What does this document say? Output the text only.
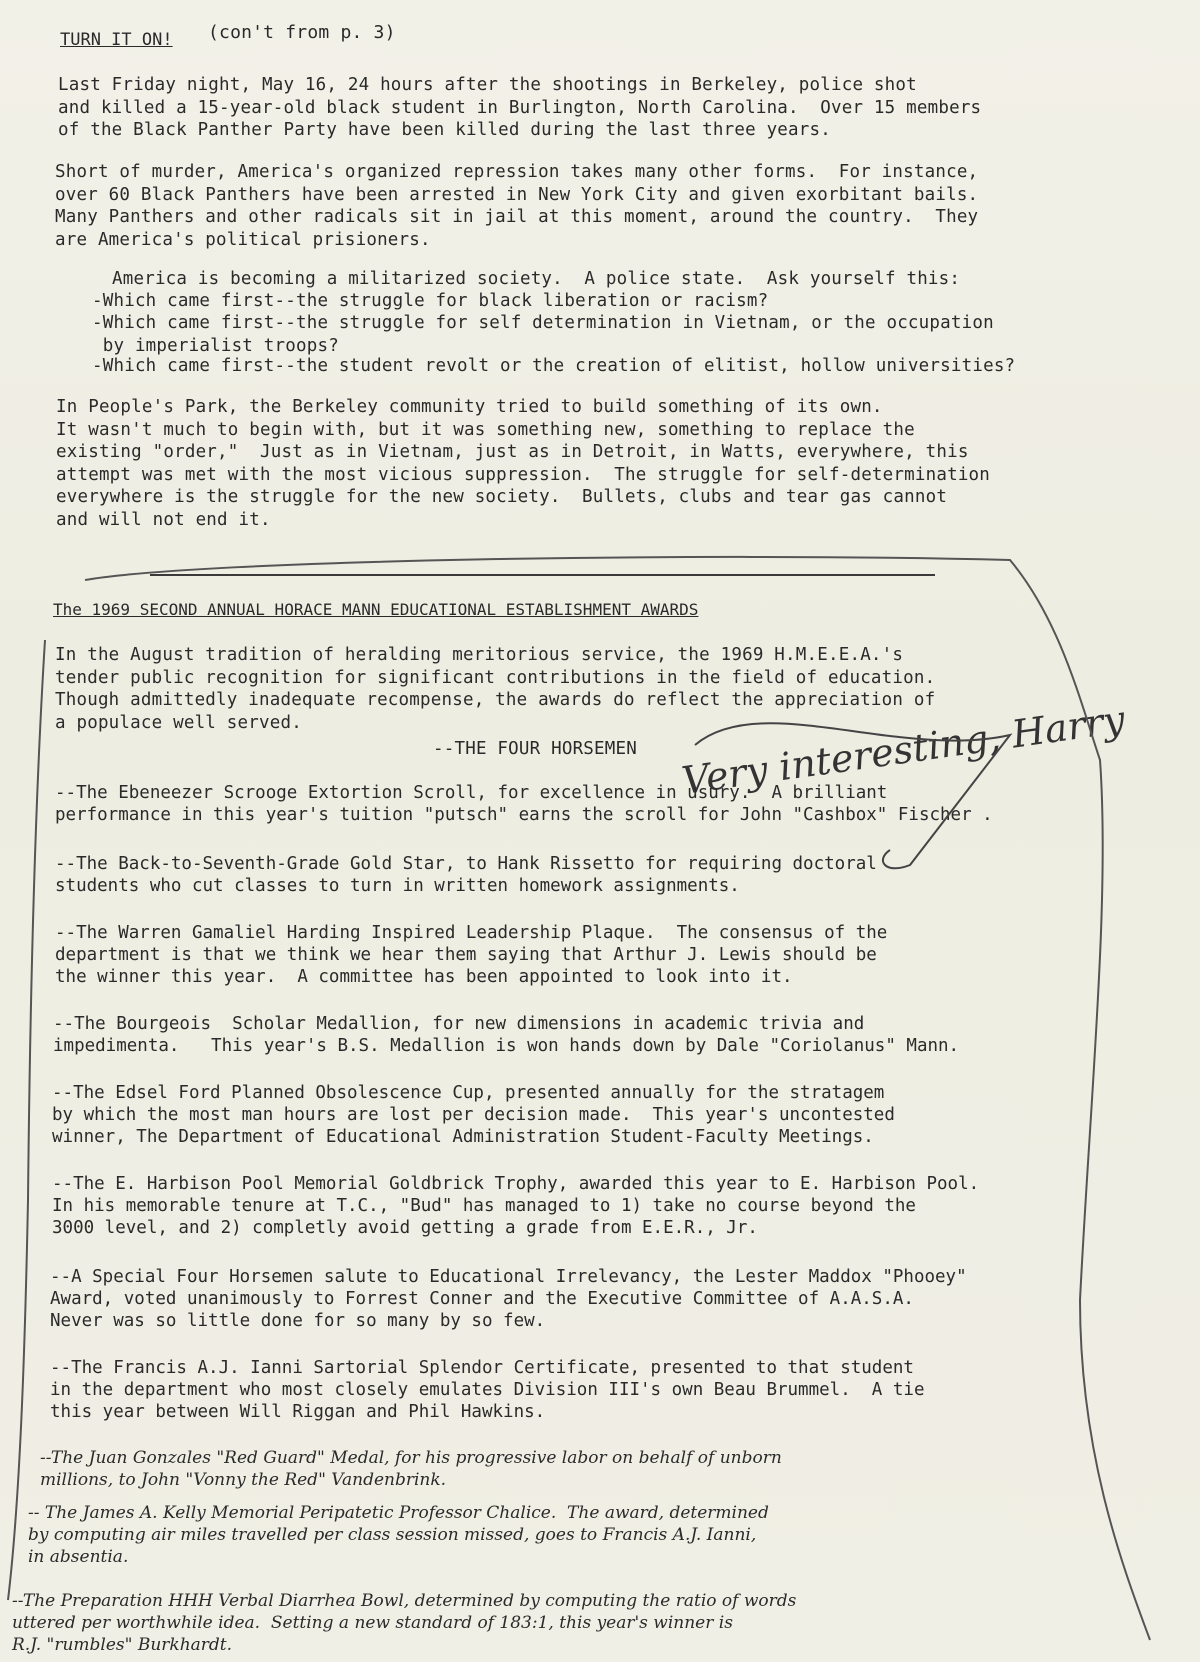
TURN IT ON! (con't from p. 3)
Last Friday night, May 16, 24 hours after the shootings in Berkeley, police shot
and killed a 15-year-old black student in Burlington, North Carolina.  Over 15 members
of the Black Panther Party have been killed during the last three years.
Short of murder, America's organized repression takes many other forms.  For instance,
over 60 Black Panthers have been arrested in New York City and given exorbitant bails.
Many Panthers and other radicals sit in jail at this moment, around the country.  They
are America's political prisioners.
America is becoming a militarized society.  A police state.  Ask yourself this:
-Which came first--the struggle for black liberation or racism?
-Which came first--the struggle for self determination in Vietnam, or the occupation
by imperialist troops?
-Which came first--the student revolt or the creation of elitist, hollow universities?
In People's Park, the Berkeley community tried to build something of its own.
It wasn't much to begin with, but it was something new, something to replace the
existing "order,"  Just as in Vietnam, just as in Detroit, in Watts, everywhere, this
attempt was met with the most vicious suppression.  The struggle for self-determination
everywhere is the struggle for the new society.  Bullets, clubs and tear gas cannot
and will not end it.
The 1969 SECOND ANNUAL HORACE MANN EDUCATIONAL ESTABLISHMENT AWARDS
In the August tradition of heralding meritorious service, the 1969 H.M.E.E.A.'s
tender public recognition for significant contributions in the field of education.
Though admittedly inadequate recompense, the awards do reflect the appreciation of
a populace well served.
--THE FOUR HORSEMEN Very interesting, Harry
--The Ebeneezer Scrooge Extortion Scroll, for excellence in usury.  A brilliant
performance in this year's tuition "putsch" earns the scroll for John "Cashbox" Fischer .
--The Back-to-Seventh-Grade Gold Star, to Hank Rissetto for requiring doctoral
students who cut classes to turn in written homework assignments.
--The Warren Gamaliel Harding Inspired Leadership Plaque.  The consensus of the
department is that we think we hear them saying that Arthur J. Lewis should be
the winner this year.  A committee has been appointed to look into it.
--The Bourgeois  Scholar Medallion, for new dimensions in academic trivia and
impedimenta.   This year's B.S. Medallion is won hands down by Dale "Coriolanus" Mann.
--The Edsel Ford Planned Obsolescence Cup, presented annually for the stratagem
by which the most man hours are lost per decision made.  This year's uncontested
winner, The Department of Educational Administration Student-Faculty Meetings.
--The E. Harbison Pool Memorial Goldbrick Trophy, awarded this year to E. Harbison Pool.
In his memorable tenure at T.C., "Bud" has managed to 1) take no course beyond the
3000 level, and 2) completly avoid getting a grade from E.E.R., Jr.
--A Special Four Horsemen salute to Educational Irrelevancy, the Lester Maddox "Phooey"
Award, voted unanimously to Forrest Conner and the Executive Committee of A.A.S.A.
Never was so little done for so many by so few.
--The Francis A.J. Ianni Sartorial Splendor Certificate, presented to that student
in the department who most closely emulates Division III's own Beau Brummel.  A tie
this year between Will Riggan and Phil Hawkins.
--The Juan Gonzales "Red Guard" Medal, for his progressive labor on behalf of unborn
millions, to John "Vonny the Red" Vandenbrink.
-- The James A. Kelly Memorial Peripatetic Professor Chalice.  The award, determined
by computing air miles travelled per class session missed, goes to Francis A.J. Ianni,
in absentia.
--The Preparation HHH Verbal Diarrhea Bowl, determined by computing the ratio of words
uttered per worthwhile idea.  Setting a new standard of 183:1, this year's winner is
R.J. "rumbles" Burkhardt.
